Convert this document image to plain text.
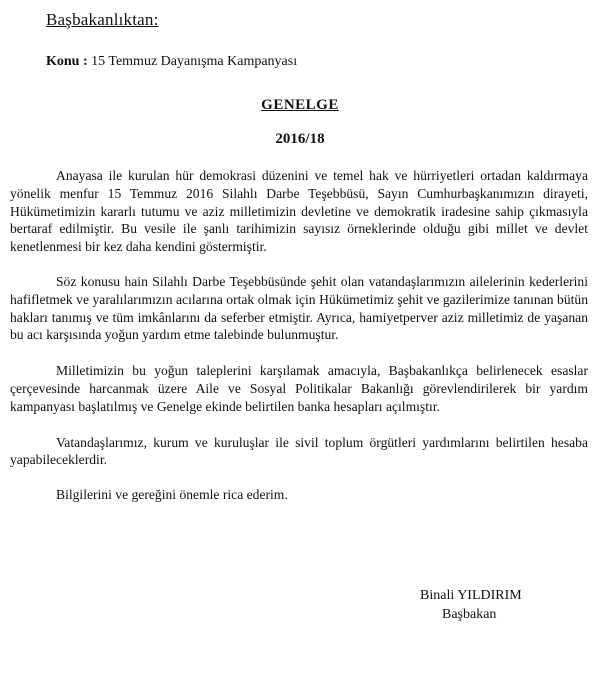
Başbakanlıktan:
Konu : 15 Temmuz Dayanışma Kampanyası
GENELGE
2016/18

Anayasa ile kurulan hür demokrasi düzenini ve temel hak ve hürriyetleri ortadan kaldırmaya yönelik menfur 15 Temmuz 2016 Silahlı Darbe Teşebbüsü, Sayın Cumhurbaşkanımızın dirayeti, Hükümetimizin kararlı tutumu ve aziz milletimizin devletine ve demokratik iradesine sahip çıkmasıyla bertaraf edilmiştir. Bu vesile ile şanlı tarihimizin sayısız örneklerinde olduğu gibi millet ve devlet kenetlenmesi bir kez daha kendini göstermiştir.

Söz konusu hain Silahlı Darbe Teşebbüsünde şehit olan vatandaşlarımızın ailelerinin kederlerini hafifletmek ve yaralılarımızın acılarına ortak olmak için Hükümetimiz şehit ve gazilerimize tanınan bütün hakları tanımış ve tüm imkânlarını da seferber etmiştir. Ayrıca, hamiyetperver aziz milletimiz de yaşanan bu acı karşısında yoğun yardım etme talebinde bulunmuştur.

Milletimizin bu yoğun taleplerini karşılamak amacıyla, Başbakanlıkça belirlenecek esaslar çerçevesinde harcanmak üzere Aile ve Sosyal Politikalar Bakanlığı görevlendirilerek bir yardım kampanyası başlatılmış ve Genelge ekinde belirtilen banka hesapları açılmıştır.

Vatandaşlarımız, kurum ve kuruluşlar ile sivil toplum örgütleri yardımlarını belirtilen hesaba yapabileceklerdir.

Bilgilerini ve gereğini önemle rica ederim.

Binali YILDIRIM
Başbakan
